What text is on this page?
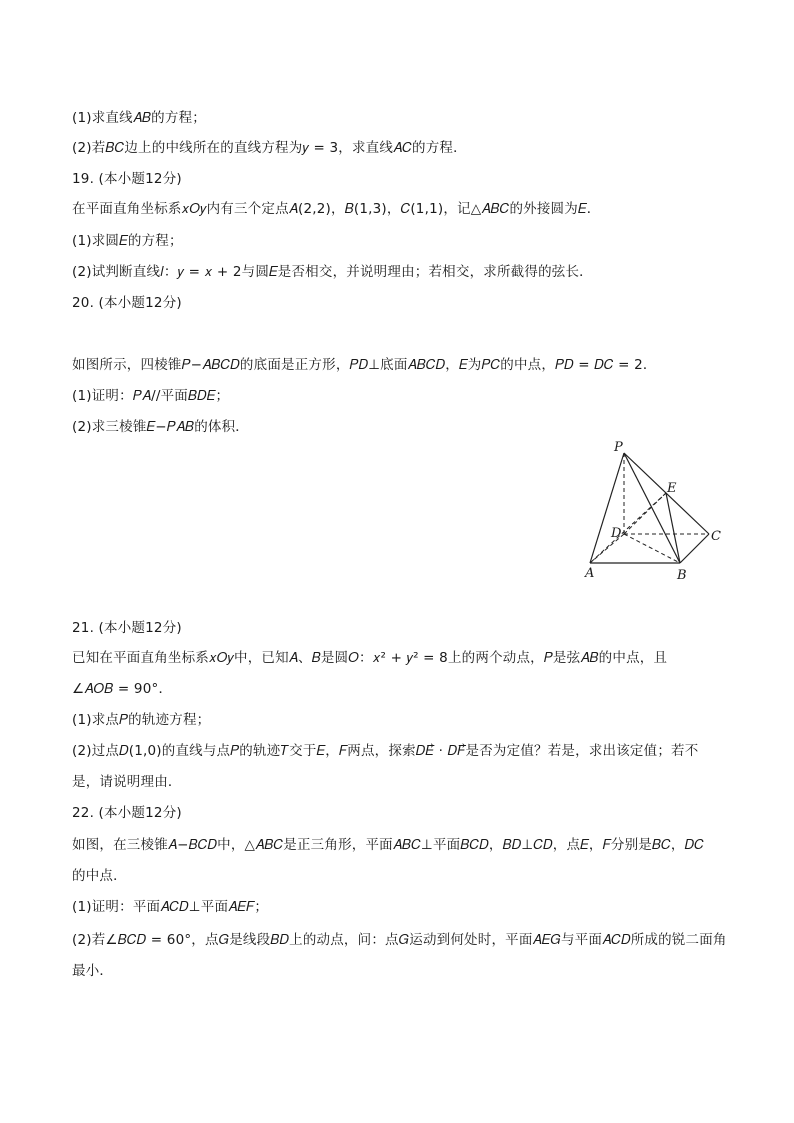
(1)求直线𝐴𝐵的方程；
(2)若𝐵𝐶边上的中线所在的直线方程为𝑦 = 3，求直线𝐴𝐶的方程．
19. (本小题12分)
在平面直角坐标系𝑥𝑂𝑦内有三个定点𝐴(2,2)，𝐵(1,3)，𝐶(1,1)，记△𝐴𝐵𝐶的外接圆为𝐸．
(1)求圆𝐸的方程；
(2)试判断直线𝑙：𝑦 = 𝑥 + 2与圆𝐸是否相交，并说明理由；若相交，求所截得的弦长．
20. (本小题12分)
如图所示，四棱锥𝑃−𝐴𝐵𝐶𝐷的底面是正方形，𝑃𝐷⊥底面𝐴𝐵𝐶𝐷，𝐸为𝑃𝐶的中点，𝑃𝐷 = 𝐷𝐶 = 2．
(1)证明：𝑃𝐴//平面𝐵𝐷𝐸；
(2)求三棱锥𝐸−𝑃𝐴𝐵的体积．
P
E
D	C
A	B
21. (本小题12分)
已知在平面直角坐标系𝑥𝑂𝑦中，已知𝐴、𝐵是圆𝑂：𝑥² + 𝑦² = 8上的两个动点，𝑃是弦𝐴𝐵的中点，且
∠𝐴𝑂𝐵 = 90°．
(1)求点𝑃的轨迹方程；
(2)过点𝐷(1,0)的直线与点𝑃的轨迹𝑇交于𝐸，𝐹两点，探索𝐷𝐸⃗ · 𝐷𝐹⃗是否为定值？若是，求出该定值；若不
是，请说明理由．
22. (本小题12分)
如图，在三棱锥𝐴−𝐵𝐶𝐷中，△𝐴𝐵𝐶是正三角形，平面𝐴𝐵𝐶⊥平面𝐵𝐶𝐷，𝐵𝐷⊥𝐶𝐷，点𝐸，𝐹分别是𝐵𝐶，𝐷𝐶
的中点．
(1)证明：平面𝐴𝐶𝐷⊥平面𝐴𝐸𝐹；
(2)若∠𝐵𝐶𝐷 = 60°，点𝐺是线段𝐵𝐷上的动点，问：点𝐺运动到何处时，平面𝐴𝐸𝐺与平面𝐴𝐶𝐷所成的锐二面角
最小．
